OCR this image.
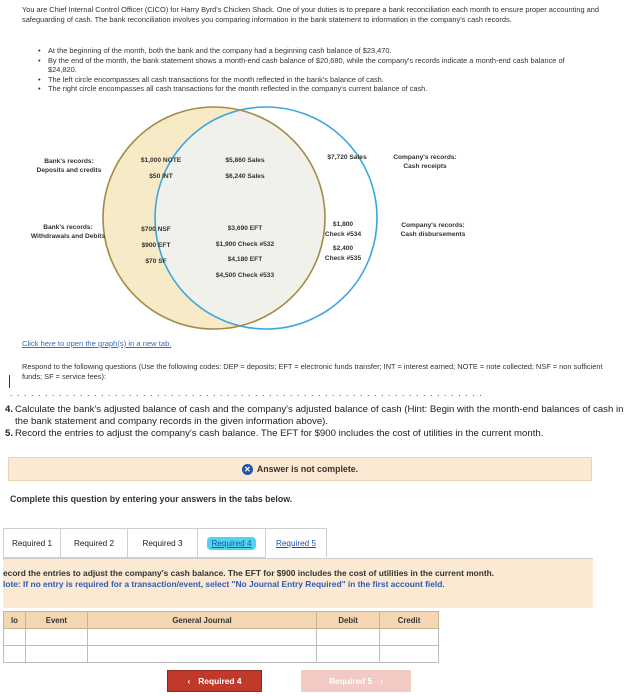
You are Chief Internal Control Officer (CICO) for Harry Byrd's Chicken Shack. One of your duties is to prepare a bank reconciliation each month to ensure proper accounting and safeguarding of cash. The bank reconciliation involves you comparing information in the bank statement to information in the company's cash records.

• At the beginning of the month, both the bank and the company had a beginning cash balance of $23,470.
• By the end of the month, the bank statement shows a month-end cash balance of $20,680, while the company's records indicate a month-end cash balance of $24,820.
• The left circle encompasses all cash transactions for the month reflected in the bank's balance of cash.
• The right circle encompasses all cash transactions for the month reflected in the company's current balance of cash.
Bank's records:
Deposits and credits
Bank's records:
Withdrawals and Debits
Company's records:
Cash receipts
Company's records:
Cash disbursements
$1,000 NOTE
$50 INT
$700 NSF
$900 EFT
$70 SF
$5,860 Sales
$6,240 Sales
$3,690 EFT
$1,900 Check #532
$4,180 EFT
$4,500 Check #533
$7,720 Sales
$1,800
Check #534
$2,400
Check #535
Click here to open the graph(s) in a new tab.
Respond to the following questions (Use the following codes: DEP = deposits; EFT = electronic funds transfer; INT = interest earned; NOTE = note collected; NSF = non sufficient funds; SF = service fees):
. . . . . . . . . . . . . . . . . . . . . . . . . . . . . . . . . . . . . . . . . . . . . . . . . . . . . . . . . . . . . . . . . . . .
4. Calculate the bank's adjusted balance of cash and the company's adjusted balance of cash (Hint: Begin with the month-end balances of cash in the bank statement and company records in the given information above).
5. Record the entries to adjust the company's cash balance. The EFT for $900 includes the cost of utilities in the current month.
✕ Answer is not complete.
Complete this question by entering your answers in the tabs below.
Required 1	Required 2	Required 3	Required 4	Required 5

ecord the entries to adjust the company's cash balance. The EFT for $900 includes the cost of utilities in the current month.

lote: If no entry is required for a transaction/event, select "No Journal Entry Required" in the first account field.

lo	Event	General Journal	Debit	Credit

‹ Required 4	Required 5 ›
